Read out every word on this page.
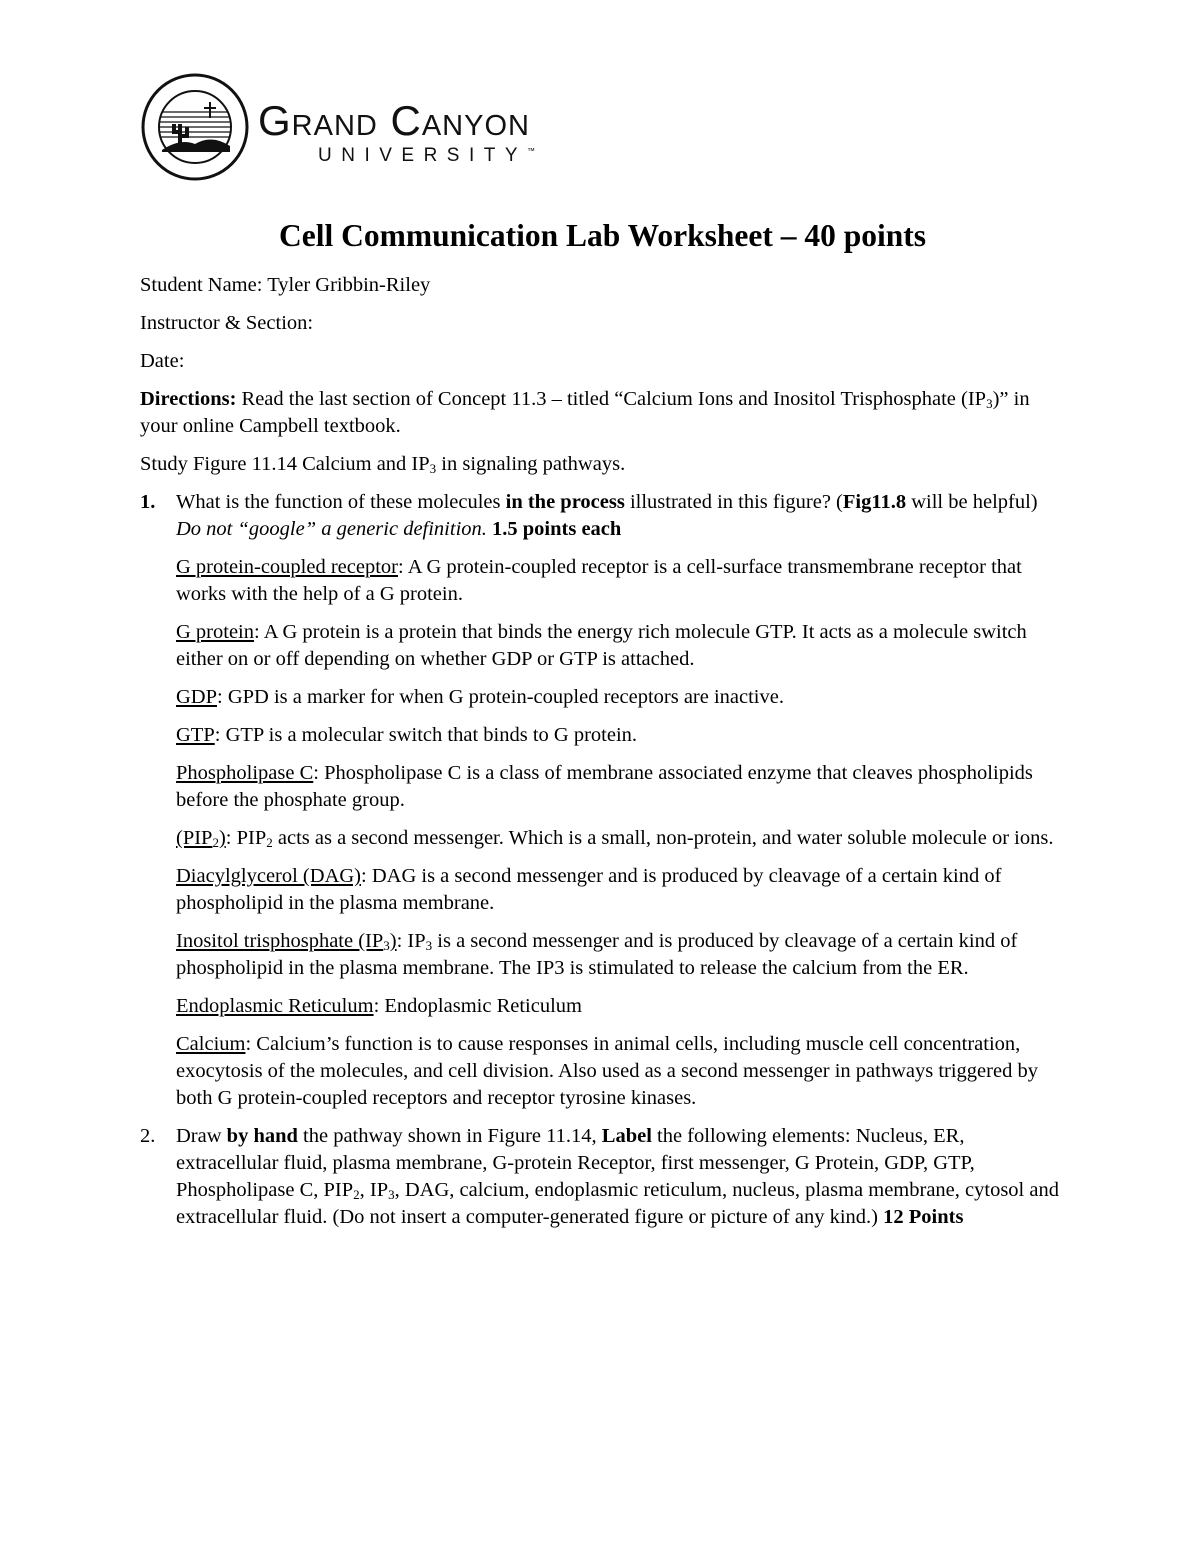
Grand Canyon
UNIVERSITY™
Cell Communication Lab Worksheet – 40 points

Student Name: Tyler Gribbin-Riley

Instructor & Section:

Date:

Directions: Read the last section of Concept 11.3 – titled “Calcium Ions and Inositol Trisphosphate $(IP_3)$” in your online Campbell textbook.

Study Figure 11.14 Calcium and $IP_3$ in signaling pathways.

1.	What is the function of these molecules in the process illustrated in this figure? (Fig11.8 will be helpful) Do not “google” a generic definition. 1.5 points each

G protein-coupled receptor: A G protein-coupled receptor is a cell-surface transmembrane receptor that works with the help of a G protein.

G protein: A G protein is a protein that binds the energy rich molecule GTP. It acts as a molecule switch either on or off depending on whether GDP or GTP is attached.

GDP: GPD is a marker for when G protein-coupled receptors are inactive.

GTP: GTP is a molecular switch that binds to G protein.

Phospholipase C: Phospholipase C is a class of membrane associated enzyme that cleaves phospholipids before the phosphate group.

$(PIP_2)$: $PIP_2$ acts as a second messenger. Which is a small, non-protein, and water soluble molecule or ions.

Diacylglycerol (DAG): DAG is a second messenger and is produced by cleavage of a certain kind of phospholipid in the plasma membrane.

Inositol trisphosphate $(IP_3)$: $IP_3$ is a second messenger and is produced by cleavage of a certain kind of phospholipid in the plasma membrane. The IP3 is stimulated to release the calcium from the ER.

Endoplasmic Reticulum: Endoplasmic Reticulum

Calcium: Calcium’s function is to cause responses in animal cells, including muscle cell concentration, exocytosis of the molecules, and cell division. Also used as a second messenger in pathways triggered by both G protein-coupled receptors and receptor tyrosine kinases.

2.	Draw by hand the pathway shown in Figure 11.14, Label the following elements: Nucleus, ER, extracellular fluid, plasma membrane, G-protein Receptor, first messenger, G Protein, GDP, GTP, Phospholipase C, $PIP_2$, $IP_3$, DAG, calcium, endoplasmic reticulum, nucleus, plasma membrane, cytosol and extracellular fluid. (Do not insert a computer-generated figure or picture of any kind.) 12 Points
